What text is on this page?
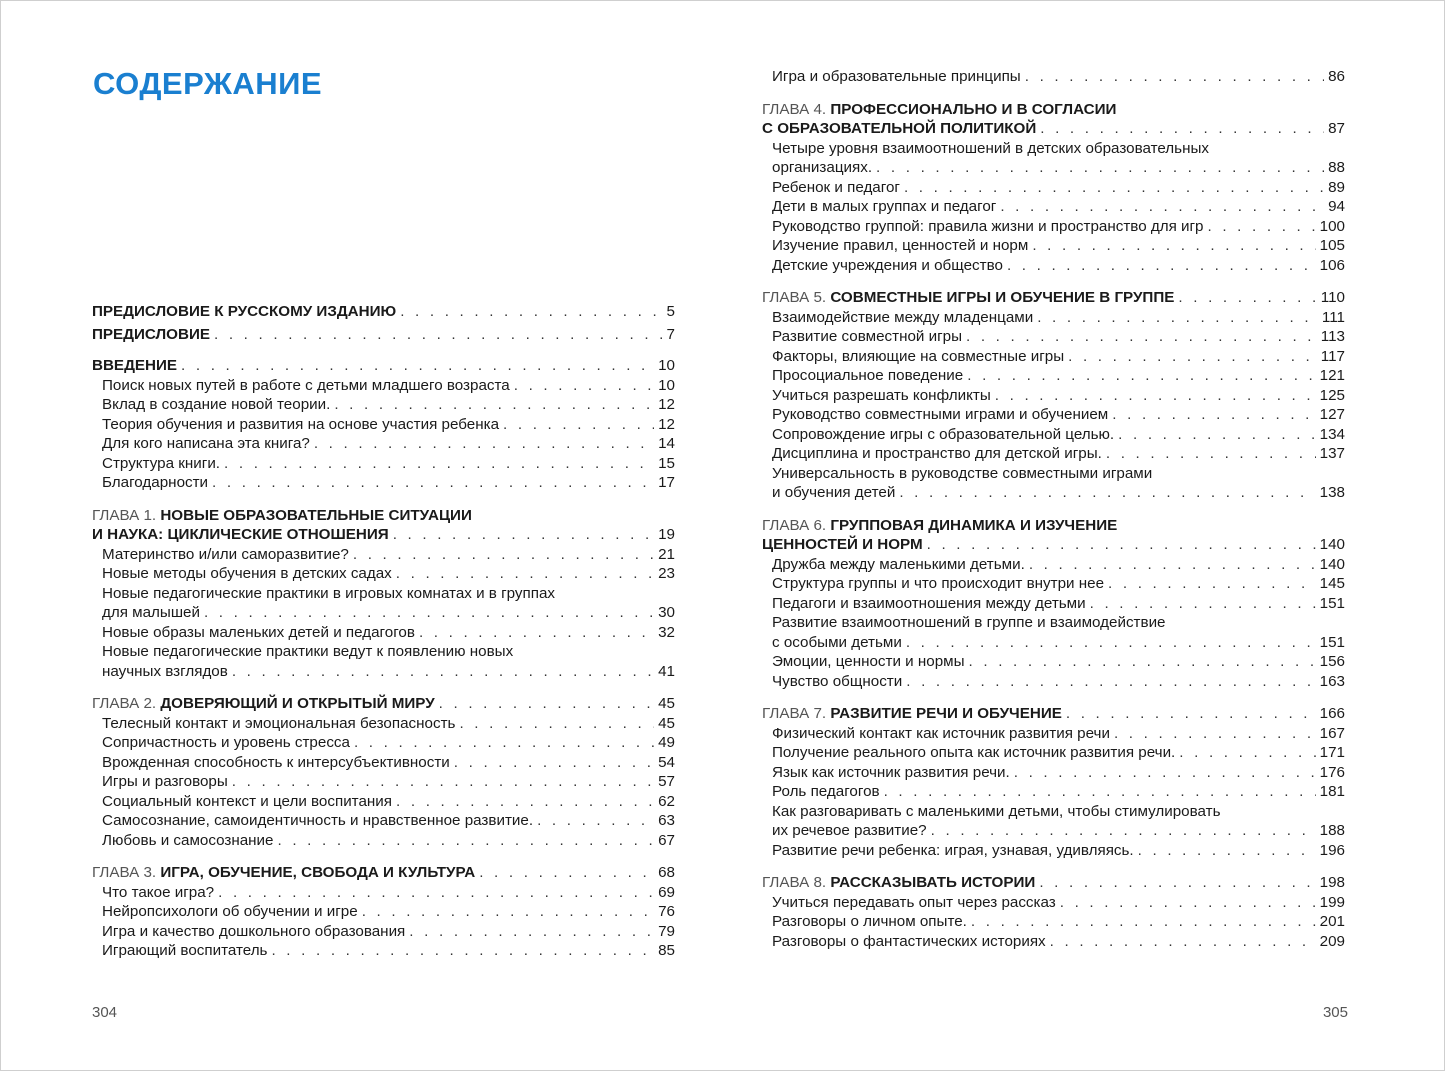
СОДЕРЖАНИЕ
ПРЕДИСЛОВИЕ К РУССКОМУ ИЗДАНИЮ . . .	5
ПРЕДИСЛОВИЕ . . .	7
ВВЕДЕНИЕ . . .	10
Поиск новых путей в работе с детьми младшего возраста . . .	10
Вклад в создание новой теории. . . .	12
Теория обучения и развития на основе участия ребенка . . .	12
Для кого написана эта книга? . . .	14
Структура книги. . . .	15
Благодарности . . .	17
ГЛАВА 1. НОВЫЕ ОБРАЗОВАТЕЛЬНЫЕ СИТУАЦИИ
И НАУКА: ЦИКЛИЧЕСКИЕ ОТНОШЕНИЯ . . .	19
Материнство и/или саморазвитие? . . .	21
Новые методы обучения в детских садах . . .	23
Новые педагогические практики в игровых комнатах и в группах
для малышей . . .	30
Новые образы маленьких детей и педагогов . . .	32
Новые педагогические практики ведут к появлению новых
научных взглядов . . .	41
ГЛАВА 2. ДОВЕРЯЮЩИЙ И ОТКРЫТЫЙ МИРУ . . .	45
Телесный контакт и эмоциональная безопасность . . .	45
Сопричастность и уровень стресса . . .	49
Врожденная способность к интерсубъективности . . .	54
Игры и разговоры . . .	57
Социальный контекст и цели воспитания . . .	62
Самосознание, самоидентичность и нравственное развитие. . . .	63
Любовь и самосознание . . .	67
ГЛАВА 3. ИГРА, ОБУЧЕНИЕ, СВОБОДА И КУЛЬТУРА . . .	68
Что такое игра? . . .	69
Нейропсихологи об обучении и игре . . .	76
Игра и качество дошкольного образования . . .	79
Играющий воспитатель . . .	85
304
Игра и образовательные принципы . . .	86
ГЛАВА 4. ПРОФЕССИОНАЛЬНО И В СОГЛАСИИ
С ОБРАЗОВАТЕЛЬНОЙ ПОЛИТИКОЙ . . .	87
Четыре уровня взаимоотношений в детских образовательных
организациях. . . .	88
Ребенок и педагог . . .	89
Дети в малых группах и педагог . . .	94
Руководство группой: правила жизни и пространство для игр . . .	100
Изучение правил, ценностей и норм . . .	105
Детские учреждения и общество . . .	106
ГЛАВА 5. СОВМЕСТНЫЕ ИГРЫ И ОБУЧЕНИЕ В ГРУППЕ . . .	110
Взаимодействие между младенцами . . .	111
Развитие совместной игры . . .	113
Факторы, влияющие на совместные игры . . .	117
Просоциальное поведение . . .	121
Учиться разрешать конфликты . . .	125
Руководство совместными играми и обучением . . .	127
Сопровождение игры с образовательной целью. . . .	134
Дисциплина и пространство для детской игры. . . .	137
Универсальность в руководстве совместными играми
и обучения детей . . .	138
ГЛАВА 6. ГРУППОВАЯ ДИНАМИКА И ИЗУЧЕНИЕ
ЦЕННОСТЕЙ И НОРМ . . .	140
Дружба между маленькими детьми. . . .	140
Структура группы и что происходит внутри нее . . .	145
Педагоги и взаимоотношения между детьми . . .	151
Развитие взаимоотношений в группе и взаимодействие
с особыми детьми . . .	151
Эмоции, ценности и нормы . . .	156
Чувство общности . . .	163
ГЛАВА 7. РАЗВИТИЕ РЕЧИ И ОБУЧЕНИЕ . . .	166
Физический контакт как источник развития речи . . .	167
Получение реального опыта как источник развития речи. . . .	171
Язык как источник развития речи. . . .	176
Роль педагогов . . .	181
Как разговаривать с маленькими детьми, чтобы стимулировать
их речевое развитие? . . .	188
Развитие речи ребенка: играя, узнавая, удивляясь. . . .	196
ГЛАВА 8. РАССКАЗЫВАТЬ ИСТОРИИ . . .	198
Учиться передавать опыт через рассказ . . .	199
Разговоры о личном опыте. . . .	201
Разговоры о фантастических историях . . .	209
305
